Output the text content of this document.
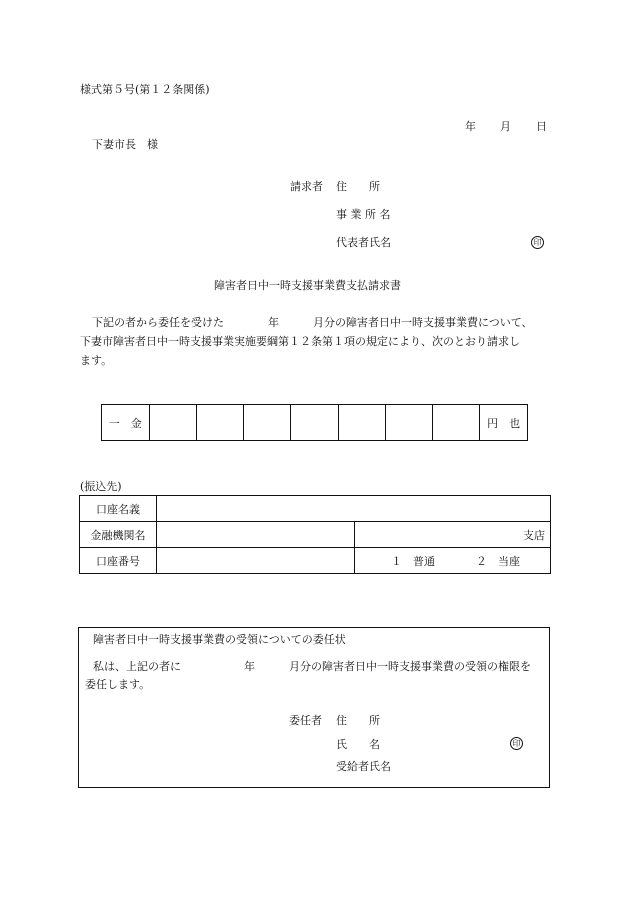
様式第５号(第１２条関係)
年 月 日
下妻市長　様
請求者 住　　所
事 業 所 名
代表者氏名	印
障害者日中一時支援事業費支払請求書
下記の者から委任を受けた	年	月分の障害者日中一時支援事業費について、
下妻市障害者日中一時支援事業実施要綱第１２条第１項の規定により、次のとおり請求し
ます。
一　金								円　也
(振込先)
口座名義		
金融機関名		支店
口座番号		１　普通 ２　当座
障害者日中一時支援事業費の受領についての委任状
私は、上記の者に	年	月分の障害者日中一時支援事業費の受領の権限を
委任します。
委任者 住　　所
氏　　名	印
受給者氏名
